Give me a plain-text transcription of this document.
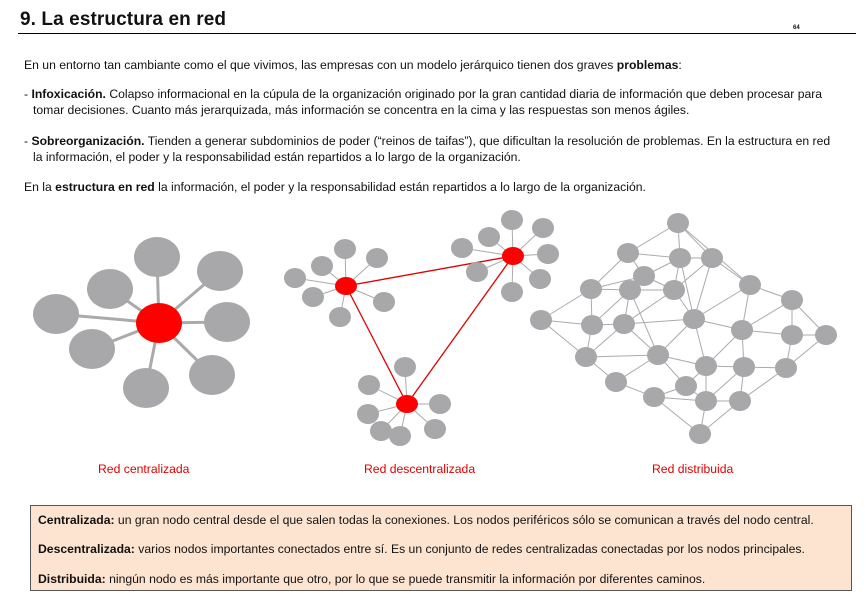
9. La estructura en red	64
En un entorno tan cambiante como el que vivimos, las empresas con un modelo jerárquico tienen dos graves problemas:
- Infoxicación. Colapso informacional en la cúpula de la organización originado por la gran cantidad diaria de información que deben procesar para
tomar decisiones. Cuanto más jerarquizada, más información se concentra en la cima y las respuestas son menos ágiles.
- Sobreorganización. Tienden a generar subdominios de poder (“reinos de taifas”), que dificultan la resolución de problemas. En la estructura en red
la información, el poder y la responsabilidad están repartidos a lo largo de la organización.
En la estructura en red la información, el poder y la responsabilidad están repartidos a lo largo de la organización.
Red centralizada	Red descentralizada	Red distribuida
Centralizada: un gran nodo central desde el que salen todas la conexiones. Los nodos periféricos sólo se comunican a través del nodo central.
Descentralizada: varios nodos importantes conectados entre sí. Es un conjunto de redes centralizadas conectadas por los nodos principales.
Distribuida: ningún nodo es más importante que otro, por lo que se puede transmitir la información por diferentes caminos.
